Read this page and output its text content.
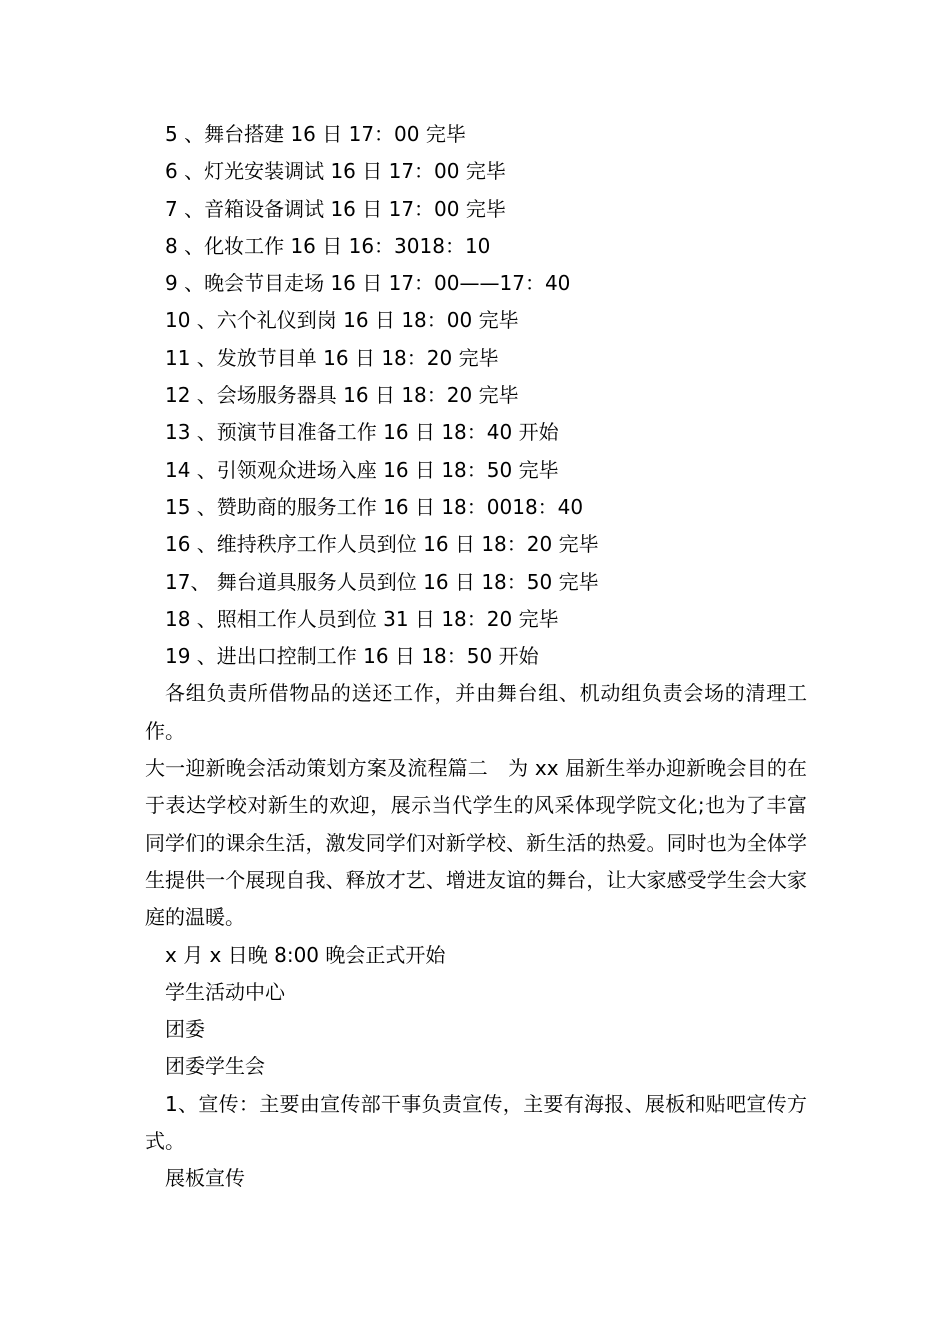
5 、舞台搭建 16 日 17：00 完毕
6 、灯光安装调试 16 日 17：00 完毕
7 、音箱设备调试 16 日 17：00 完毕
8 、化妆工作 16 日 16：3018：10
9 、晚会节目走场 16 日 17：00——17：40
10 、六个礼仪到岗 16 日 18：00 完毕
11 、发放节目单 16 日 18：20 完毕
12 、会场服务器具 16 日 18：20 完毕
13 、预演节目准备工作 16 日 18：40 开始
14 、引领观众进场入座 16 日 18：50 完毕
15 、赞助商的服务工作 16 日 18：0018：40
16 、维持秩序工作人员到位 16 日 18：20 完毕
17、 舞台道具服务人员到位 16 日 18：50 完毕
18 、照相工作人员到位 31 日 18：20 完毕
19 、进出口控制工作 16 日 18：50 开始

各组负责所借物品的送还工作，并由舞台组、机动组负责会场的清理工作。

大一迎新晚会活动策划方案及流程篇二　为 xx 届新生举办迎新晚会目的在于表达学校对新生的欢迎，展示当代学生的风采体现学院文化;也为了丰富同学们的课余生活，激发同学们对新学校、新生活的热爱。同时也为全体学生提供一个展现自我、释放才艺、增进友谊的舞台，让大家感受学生会大家庭的温暖。

x 月 x 日晚 8:00 晚会正式开始
学生活动中心
团委
团委学生会

1、宣传：主要由宣传部干事负责宣传，主要有海报、展板和贴吧宣传方式。

展板宣传
